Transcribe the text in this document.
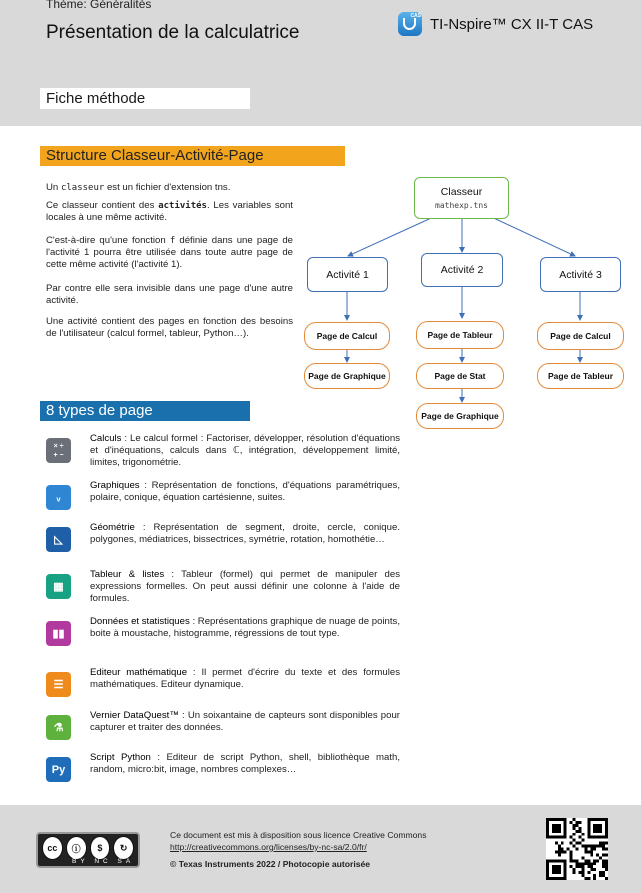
Thème: Généralités
Présentation de la calculatrice
CAS TI-Nspire™ CX II-T CAS
Fiche méthode
Structure Classeur-Activité-Page
Un classeur est un fichier d'extension tns.
Ce classeur contient des activités. Les variables sont locales à une même activité.
C'est-à-dire qu'une fonction f définie dans une page de l'activité 1 pourra être utilisée dans toute autre page de cette même activité (l'activité 1).
Par contre elle sera invisible dans une page d'une autre activité.
Une activité contient des pages en fonction des besoins de l'utilisateur (calcul formel, tableur, Python…).
Classeur
mathexp.tns
Activité 1	Activité 2	Activité 3
Page de Calcul
Page de Graphique
Page de Tableur
Page de Stat
Page de Graphique
Page de Calcul
Page de Tableur
8 types de page
× ÷
+ −
Calculs : Le calcul formel : Factoriser, développer, résolution d'équations et d'inéquations, calculs dans ℂ, intégration, développement limité, limites, trigonométrie.
ᵥ
Graphiques : Représentation de fonctions, d'équations paramétriques, polaire, conique, équation cartésienne, suites.
◺
Géométrie : Représentation de segment, droite, cercle, conique. polygones, médiatrices, bissectrices, symétrie, rotation, homothétie…
▦
Tableur & listes : Tableur (formel) qui permet de manipuler des expressions formelles. On peut aussi définir une colonne à l'aide de formules.
▮▮
Données et statistiques : Représentations graphique de nuage de points, boite à moustache, histogramme, régressions de tout type.
☰
Editeur mathématique : Il permet d'écrire du texte et des formules mathématiques. Editeur dynamique.
⚗
Vernier DataQuest™ : Un soixantaine de capteurs sont disponibles pour capturer et traiter des données.
Py
Script Python : Editeur de script Python, shell, bibliothèque math, random, micro:bit, image, nombres complexes…
cc	ⓘ	$	↻
BY NC SA
Ce document est mis à disposition sous licence Creative Commons
http://creativecommons.org/licenses/by-nc-sa/2.0/fr/
© Texas Instruments 2022 / Photocopie autorisée
